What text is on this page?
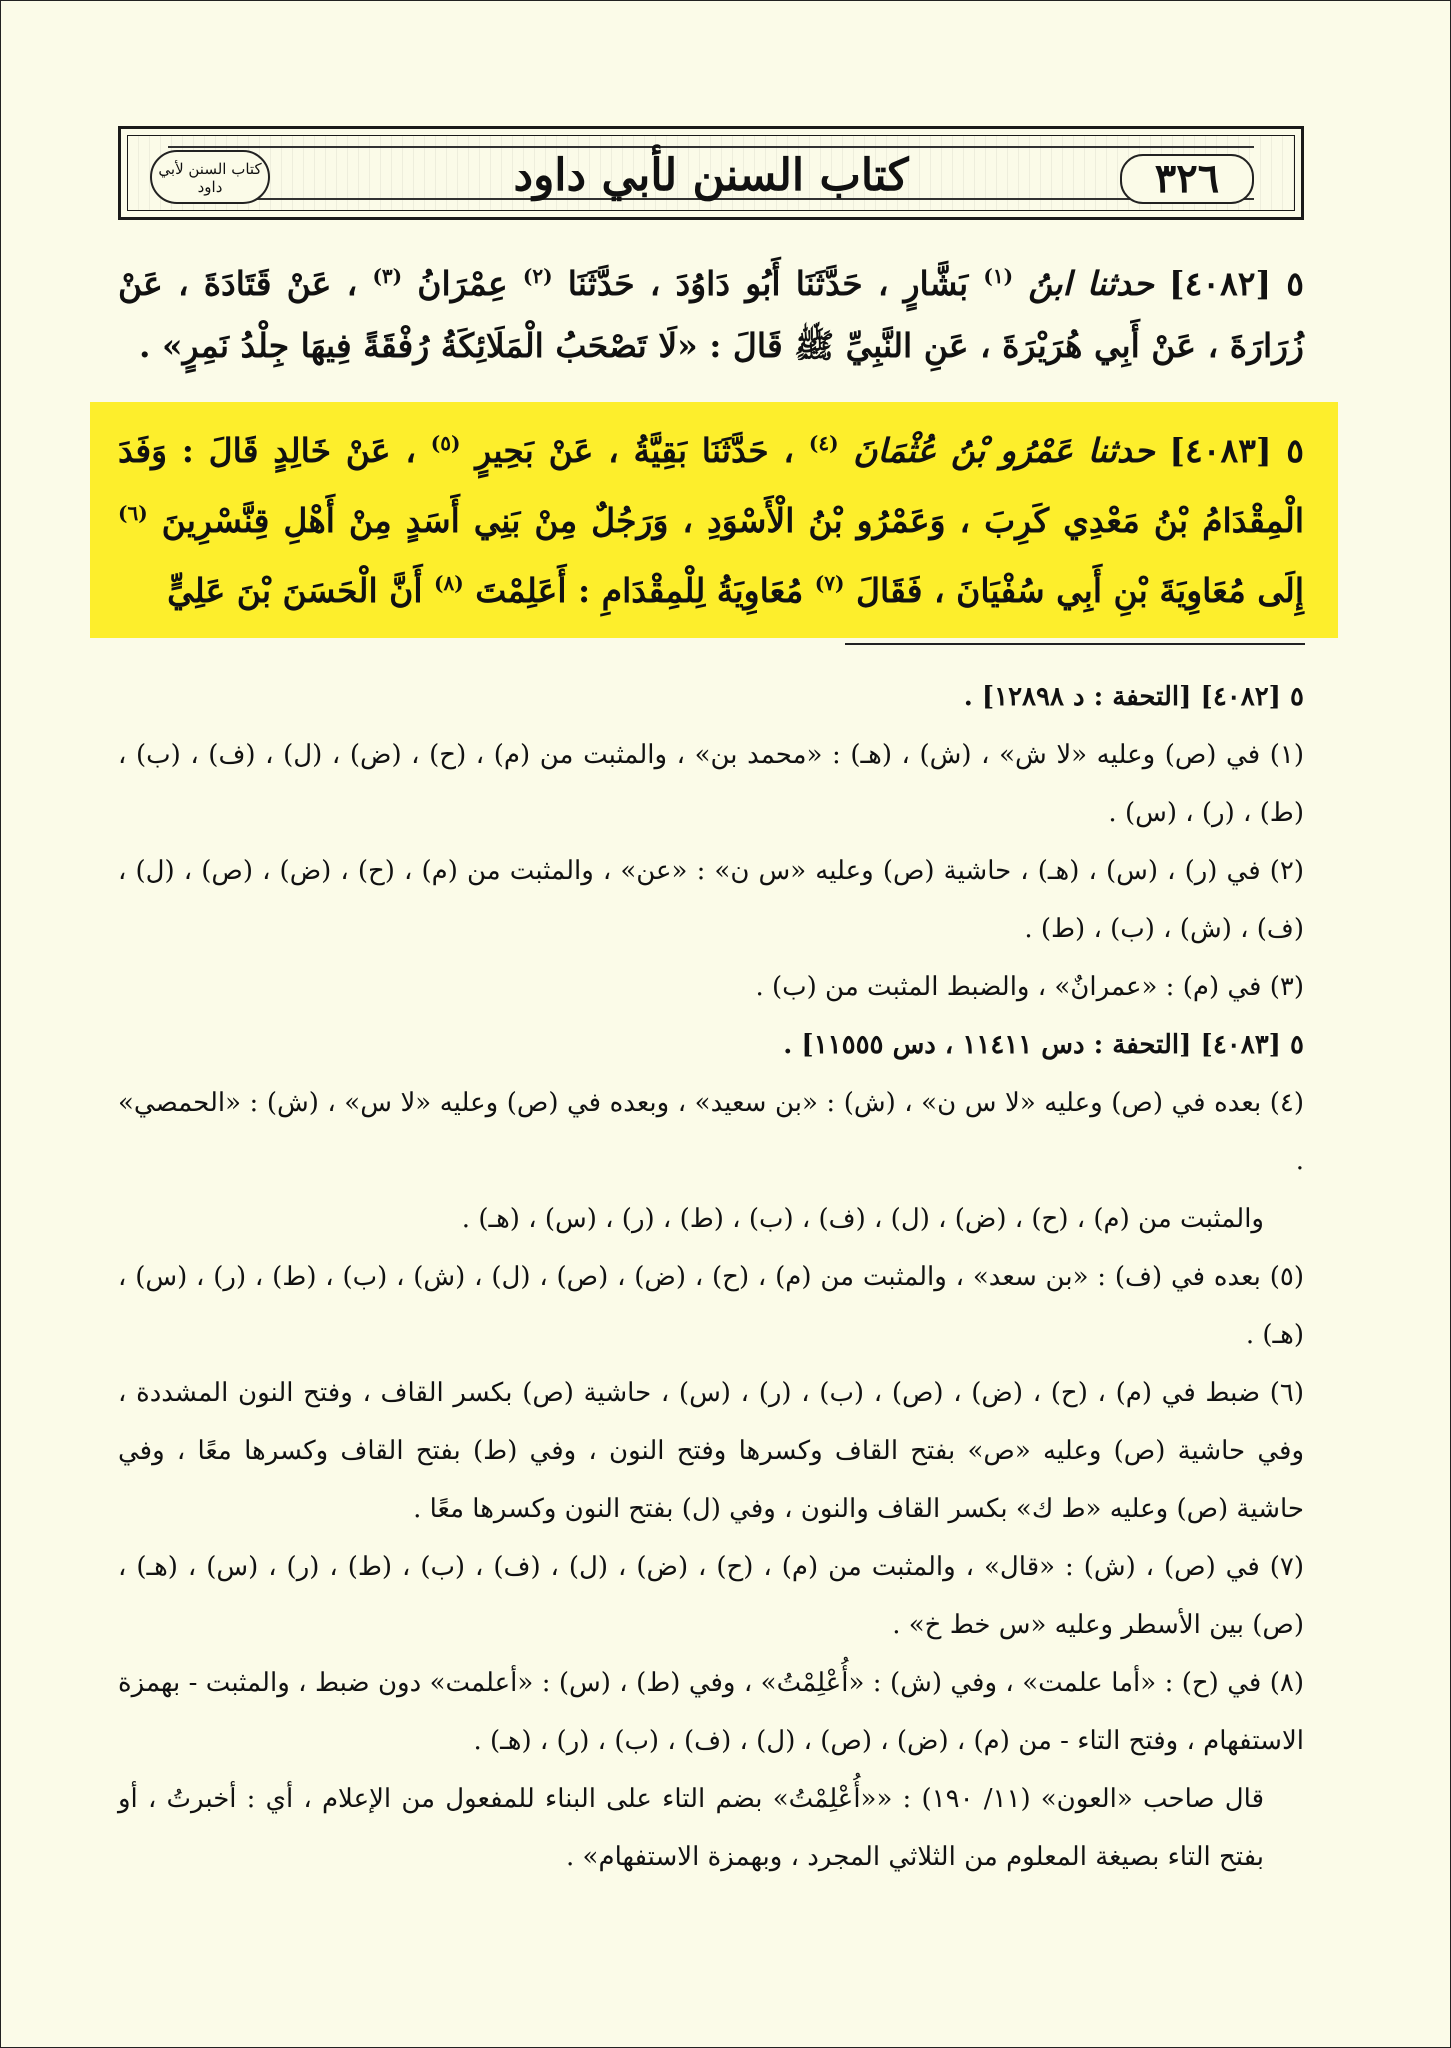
٣٢٦
كتاب السنن لأبي داود
كتاب السنن لأبي داود
٥ [٤٠٨٢] حدثنا ابنُ $^{(١)}$ بَشَّارٍ ، حَدَّثَنَا أَبُو دَاوُدَ ، حَدَّثَنَا $^{(٢)}$ عِمْرَانُ $^{(٣)}$ ، عَنْ قَتَادَةَ ، عَنْ زُرَارَةَ ، عَنْ أَبِي هُرَيْرَةَ ، عَنِ النَّبِيِّ ﷺ قَالَ : «لَا تَصْحَبُ الْمَلَائِكَةُ رُفْقَةً فِيهَا جِلْدُ نَمِرٍ» .
٥ [٤٠٨٣] حدثنا عَمْرُو بْنُ عُثْمَانَ $^{(٤)}$ ، حَدَّثَنَا بَقِيَّةُ ، عَنْ بَحِيرٍ $^{(٥)}$ ، عَنْ خَالِدٍ قَالَ : وَفَدَ الْمِقْدَامُ بْنُ مَعْدِي كَرِبَ ، وَعَمْرُو بْنُ الْأَسْوَدِ ، وَرَجُلٌ مِنْ بَنِي أَسَدٍ مِنْ أَهْلِ قِنَّسْرِينَ $^{(٦)}$ إِلَى مُعَاوِيَةَ بْنِ أَبِي سُفْيَانَ ، فَقَالَ $^{(٧)}$ مُعَاوِيَةُ لِلْمِقْدَامِ : أَعَلِمْتَ $^{(٨)}$ أَنَّ الْحَسَنَ بْنَ عَلِيٍّ
٥ [٤٠٨٢] [التحفة : د ١٢٨٩٨] .
(١) في (ص) وعليه «لا ش» ، (ش) ، (هـ) : «محمد بن» ، والمثبت من (م) ، (ح) ، (ض) ، (ل) ، (ف) ، (ب) ، (ط) ، (ر) ، (س) .
(٢) في (ر) ، (س) ، (هـ) ، حاشية (ص) وعليه «س ن» : «عن» ، والمثبت من (م) ، (ح) ، (ض) ، (ص) ، (ل) ، (ف) ، (ش) ، (ب) ، (ط) .
(٣) في (م) : «عمرانٌ» ، والضبط المثبت من (ب) .
٥ [٤٠٨٣] [التحفة : دس ١١٤١١ ، دس ١١٥٥٥] .
(٤) بعده في (ص) وعليه «لا س ن» ، (ش) : «بن سعيد» ، وبعده في (ص) وعليه «لا س» ، (ش) : «الحمصي» .
والمثبت من (م) ، (ح) ، (ض) ، (ل) ، (ف) ، (ب) ، (ط) ، (ر) ، (س) ، (هـ) .
(٥) بعده في (ف) : «بن سعد» ، والمثبت من (م) ، (ح) ، (ض) ، (ص) ، (ل) ، (ش) ، (ب) ، (ط) ، (ر) ، (س) ، (هـ) .
(٦) ضبط في (م) ، (ح) ، (ض) ، (ص) ، (ب) ، (ر) ، (س) ، حاشية (ص) بكسر القاف ، وفتح النون المشددة ، وفي حاشية (ص) وعليه «ص» بفتح القاف وكسرها وفتح النون ، وفي (ط) بفتح القاف وكسرها معًا ، وفي حاشية (ص) وعليه «ط ك» بكسر القاف والنون ، وفي (ل) بفتح النون وكسرها معًا .
(٧) في (ص) ، (ش) : «قال» ، والمثبت من (م) ، (ح) ، (ض) ، (ل) ، (ف) ، (ب) ، (ط) ، (ر) ، (س) ، (هـ) ، (ص) بين الأسطر وعليه «س خط خ» .
(٨) في (ح) : «أما علمت» ، وفي (ش) : «أُعْلِمْتُ» ، وفي (ط) ، (س) : «أعلمت» دون ضبط ، والمثبت - بهمزة الاستفهام ، وفتح التاء - من (م) ، (ض) ، (ص) ، (ل) ، (ف) ، (ب) ، (ر) ، (هـ) .
قال صاحب «العون» (١١/ ١٩٠) : ««أُعْلِمْتُ» بضم التاء على البناء للمفعول من الإعلام ، أي : أخبرتُ ، أو بفتح التاء بصيغة المعلوم من الثلاثي المجرد ، وبهمزة الاستفهام» .
